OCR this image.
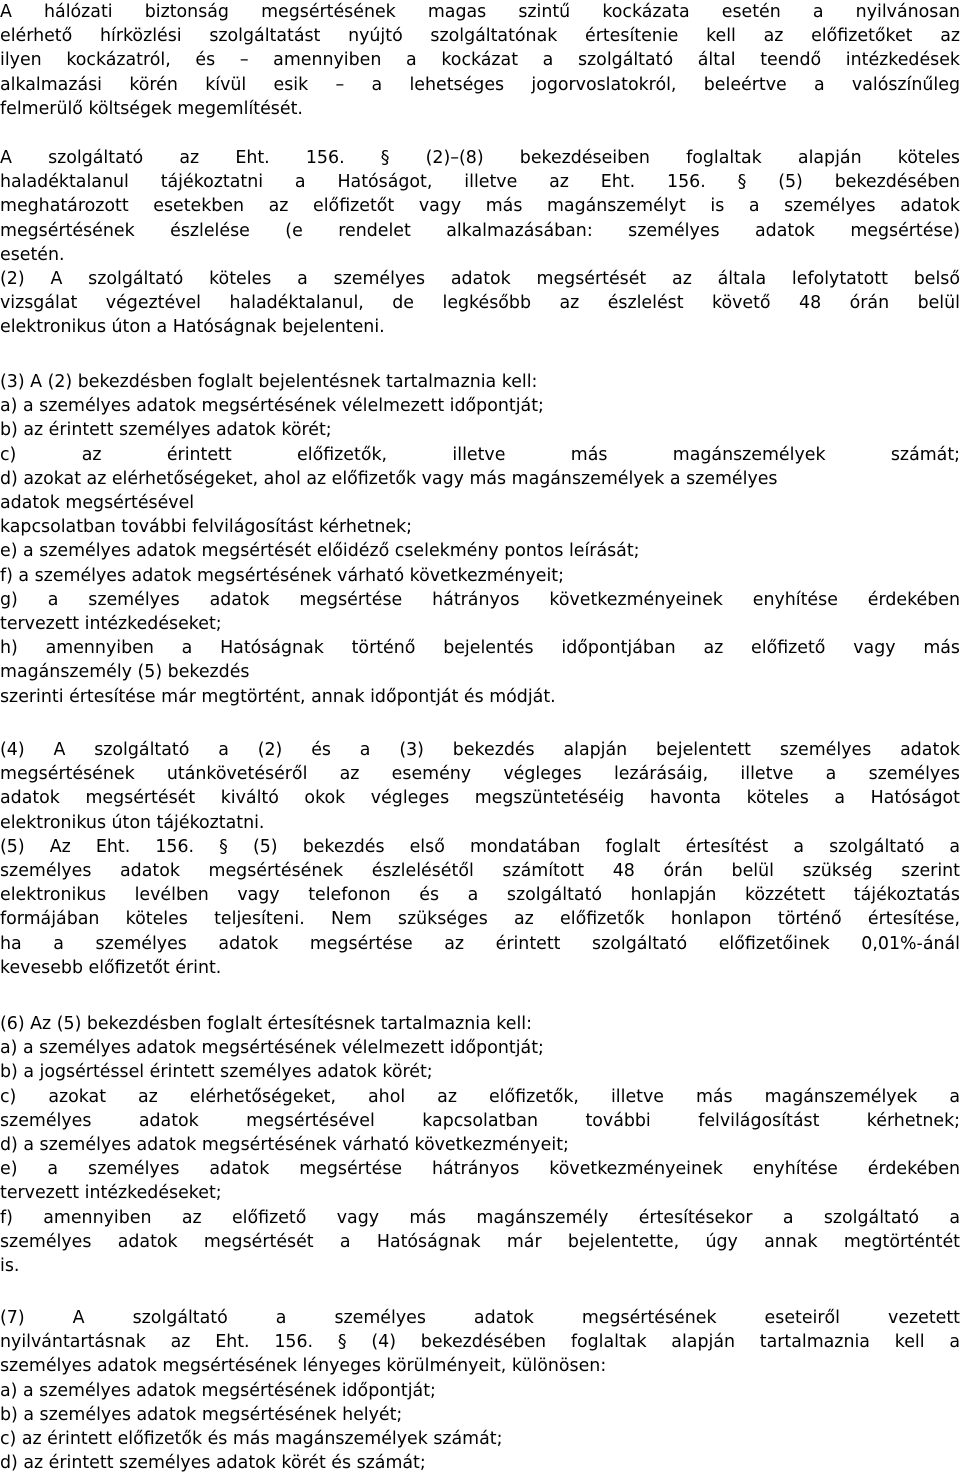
A hálózati biztonság megsértésének magas szintű kockázata esetén a nyilvánosan

elérhető hírközlési szolgáltatást nyújtó szolgáltatónak értesítenie kell az előfizetőket az

ilyen kockázatról, és – amennyiben a kockázat a szolgáltató által teendő intézkedések

alkalmazási körén kívül esik – a lehetséges jogorvoslatokról, beleértve a valószínűleg

felmerülő költségek megemlítését.

A szolgáltató az Eht. 156. § (2)–(8) bekezdéseiben foglaltak alapján köteles

haladéktalanul tájékoztatni a Hatóságot, illetve az Eht. 156. § (5) bekezdésében

meghatározott esetekben az előfizetőt vagy más magánszemélyt is a személyes adatok

megsértésének észlelése (e rendelet alkalmazásában: személyes adatok megsértése)

esetén.

(2) A szolgáltató köteles a személyes adatok megsértését az általa lefolytatott belső

vizsgálat végeztével haladéktalanul, de legkésőbb az észlelést követő 48 órán belül

elektronikus úton a Hatóságnak bejelenteni.

(3) A (2) bekezdésben foglalt bejelentésnek tartalmaznia kell:

a) a személyes adatok megsértésének vélelmezett időpontját;

b) az érintett személyes adatok körét;

c) az érintett előfizetők, illetve más magánszemélyek számát;

d) azokat az elérhetőségeket, ahol az előfizetők vagy más magánszemélyek a személyes

adatok megsértésével

kapcsolatban további felvilágosítást kérhetnek;

e) a személyes adatok megsértését előidéző cselekmény pontos leírását;

f) a személyes adatok megsértésének várható következményeit;

g) a személyes adatok megsértése hátrányos következményeinek enyhítése érdekében

tervezett intézkedéseket;

h) amennyiben a Hatóságnak történő bejelentés időpontjában az előfizető vagy más

magánszemély (5) bekezdés

szerinti értesítése már megtörtént, annak időpontját és módját.

(4) A szolgáltató a (2) és a (3) bekezdés alapján bejelentett személyes adatok

megsértésének utánkövetéséről az esemény végleges lezárásáig, illetve a személyes

adatok megsértését kiváltó okok végleges megszüntetéséig havonta köteles a Hatóságot

elektronikus úton tájékoztatni.

(5) Az Eht. 156. § (5) bekezdés első mondatában foglalt értesítést a szolgáltató a

személyes adatok megsértésének észlelésétől számított 48 órán belül szükség szerint

elektronikus levélben vagy telefonon és a szolgáltató honlapján közzétett tájékoztatás

formájában köteles teljesíteni. Nem szükséges az előfizetők honlapon történő értesítése,

ha a személyes adatok megsértése az érintett szolgáltató előfizetőinek 0,01%-ánál

kevesebb előfizetőt érint.

(6) Az (5) bekezdésben foglalt értesítésnek tartalmaznia kell:

a) a személyes adatok megsértésének vélelmezett időpontját;

b) a jogsértéssel érintett személyes adatok körét;

c) azokat az elérhetőségeket, ahol az előfizetők, illetve más magánszemélyek a

személyes adatok megsértésével kapcsolatban további felvilágosítást kérhetnek;

d) a személyes adatok megsértésének várható következményeit;

e) a személyes adatok megsértése hátrányos következményeinek enyhítése érdekében

tervezett intézkedéseket;

f) amennyiben az előfizető vagy más magánszemély értesítésekor a szolgáltató a

személyes adatok megsértését a Hatóságnak már bejelentette, úgy annak megtörténtét

is.

(7) A szolgáltató a személyes adatok megsértésének eseteiről vezetett

nyilvántartásnak az Eht. 156. § (4) bekezdésében foglaltak alapján tartalmaznia kell a

személyes adatok megsértésének lényeges körülményeit, különösen:

a) a személyes adatok megsértésének időpontját;

b) a személyes adatok megsértésének helyét;

c) az érintett előfizetők és más magánszemélyek számát;

d) az érintett személyes adatok körét és számát;
